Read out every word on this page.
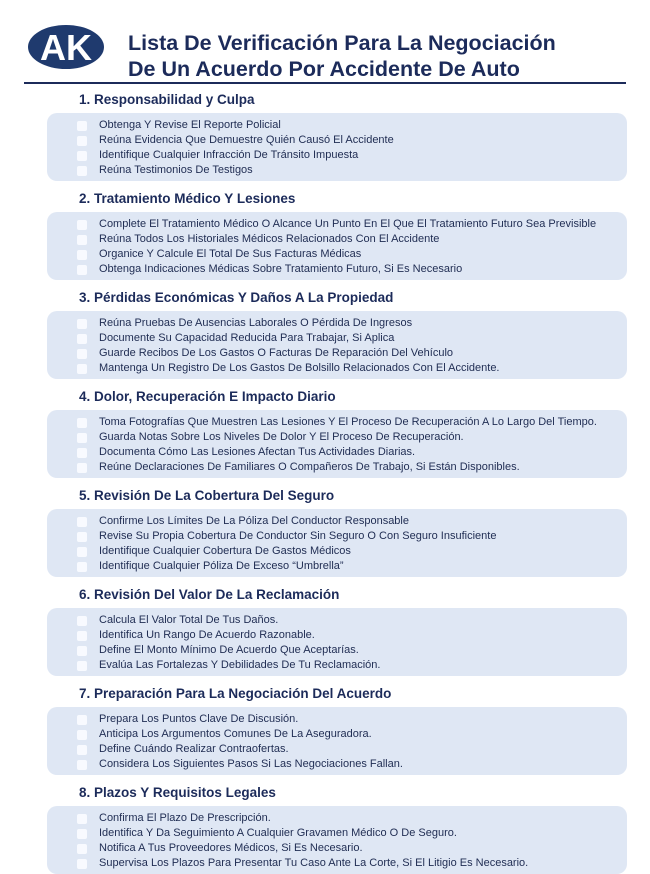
AK Lista De Verificación Para La Negociación
De Un Acuerdo Por Accidente De Auto
1. Responsabilidad y Culpa
Obtenga Y Revise El Reporte Policial
Reúna Evidencia Que Demuestre Quién Causó El Accidente
Identifique Cualquier Infracción De Tránsito Impuesta
Reúna Testimonios De Testigos
2. Tratamiento Médico Y Lesiones
Complete El Tratamiento Médico O Alcance Un Punto En El Que El Tratamiento Futuro Sea Previsible
Reúna Todos Los Historiales Médicos Relacionados Con El Accidente
Organice Y Calcule El Total De Sus Facturas Médicas
Obtenga Indicaciones Médicas Sobre Tratamiento Futuro, Si Es Necesario
3. Pérdidas Económicas Y Daños A La Propiedad
Reúna Pruebas De Ausencias Laborales O Pérdida De Ingresos
Documente Su Capacidad Reducida Para Trabajar, Si Aplica
Guarde Recibos De Los Gastos O Facturas De Reparación Del Vehículo
Mantenga Un Registro De Los Gastos De Bolsillo Relacionados Con El Accidente.
4. Dolor, Recuperación E Impacto Diario
Toma Fotografías Que Muestren Las Lesiones Y El Proceso De Recuperación A Lo Largo Del Tiempo.
Guarda Notas Sobre Los Niveles De Dolor Y El Proceso De Recuperación.
Documenta Cómo Las Lesiones Afectan Tus Actividades Diarias.
Reúne Declaraciones De Familiares O Compañeros De Trabajo, Si Están Disponibles.
5. Revisión De La Cobertura Del Seguro
Confirme Los Límites De La Póliza Del Conductor Responsable
Revise Su Propia Cobertura De Conductor Sin Seguro O Con Seguro Insuficiente
Identifique Cualquier Cobertura De Gastos Médicos
Identifique Cualquier Póliza De Exceso “Umbrella”
6. Revisión Del Valor De La Reclamación
Calcula El Valor Total De Tus Daños.
Identifica Un Rango De Acuerdo Razonable.
Define El Monto Mínimo De Acuerdo Que Aceptarías.
Evalúa Las Fortalezas Y Debilidades De Tu Reclamación.
7. Preparación Para La Negociación Del Acuerdo
Prepara Los Puntos Clave De Discusión.
Anticipa Los Argumentos Comunes De La Aseguradora.
Define Cuándo Realizar Contraofertas.
Considera Los Siguientes Pasos Si Las Negociaciones Fallan.
8. Plazos Y Requisitos Legales
Confirma El Plazo De Prescripción.
Identifica Y Da Seguimiento A Cualquier Gravamen Médico O De Seguro.
Notifica A Tus Proveedores Médicos, Si Es Necesario.
Supervisa Los Plazos Para Presentar Tu Caso Ante La Corte, Si El Litigio Es Necesario.
